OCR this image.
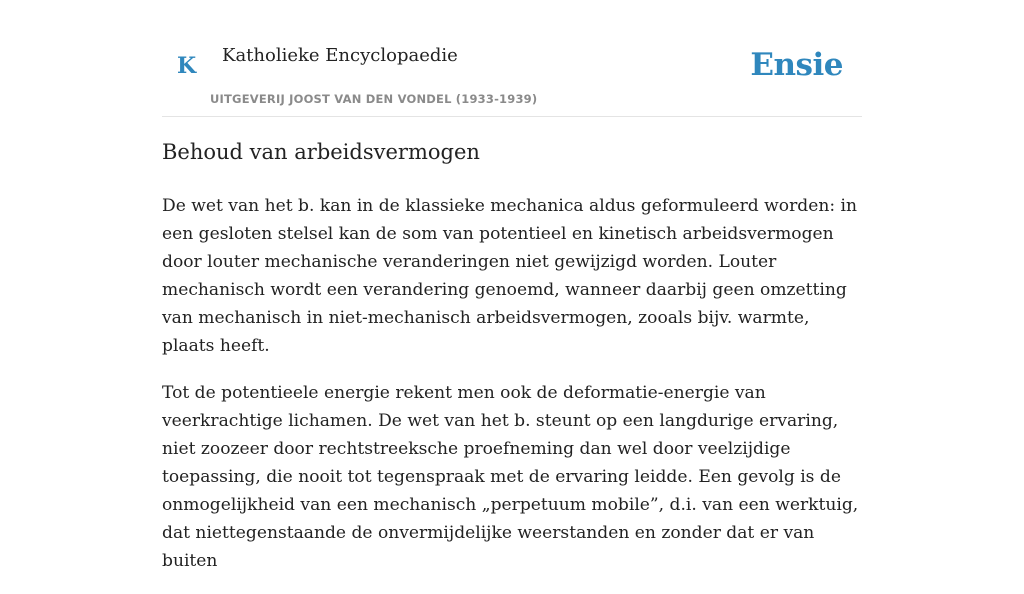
K Katholieke Encyclopaedie
UITGEVERIJ JOOST VAN DEN VONDEL (1933-1939)
Ensie
Behoud van arbeidsvermogen

De wet van het b. kan in de klassieke mechanica aldus geformuleerd worden: in een gesloten stelsel kan de som van potentieel en kinetisch arbeidsvermogen door louter mechanische veranderingen niet gewijzigd worden. Louter mechanisch wordt een verandering genoemd, wanneer daarbij geen omzetting van mechanisch in niet-mechanisch arbeidsvermogen, zooals bijv. warmte, plaats heeft.

Tot de potentieele energie rekent men ook de deformatie-energie van veerkrachtige lichamen. De wet van het b. steunt op een langdurige ervaring, niet zoozeer door rechtstreeksche proefneming dan wel door veelzijdige toepassing, die nooit tot tegenspraak met de ervaring leidde. Een gevolg is de onmogelijkheid van een mechanisch „perpetuum mobile”, d.i. van een werktuig, dat niettegenstaande de onvermijdelijke weerstanden en zonder dat er van buiten
